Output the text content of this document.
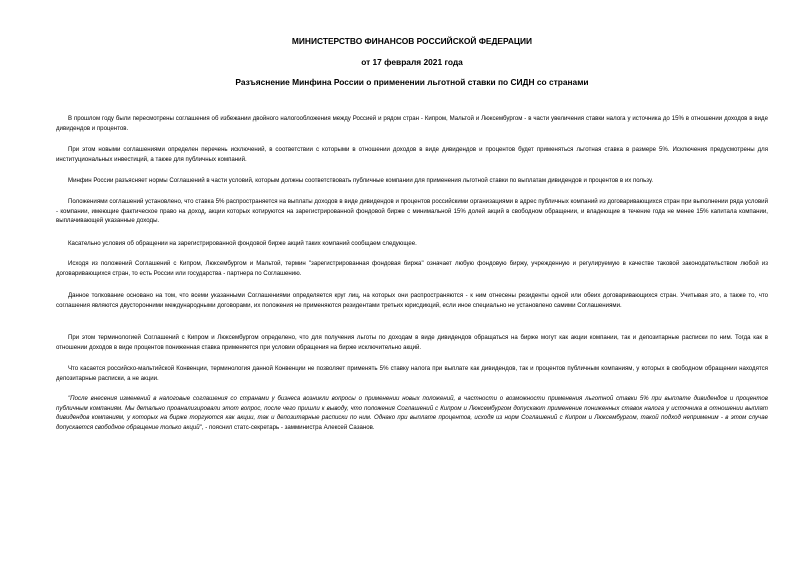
МИНИСТЕРСТВО ФИНАНСОВ РОССИЙСКОЙ ФЕДЕРАЦИИ

от 17 февраля 2021 года

Разъяснение Минфина России о применении льготной ставки по СИДН со странами

В прошлом году были пересмотрены соглашения об избежании двойного налогообложения между Россией и рядом стран - Кипром, Мальтой и Люксембургом - в части увеличения ставки налога у источника до 15% в отношении доходов в виде дивидендов и процентов.

При этом новыми соглашениями определен перечень исключений, в соответствии с которыми в отношении доходов в виде дивидендов и процентов будет применяться льготная ставка в размере 5%. Исключения предусмотрены для институциональных инвестиций, а также для публичных компаний.

Минфин России разъясняет нормы Соглашений в части условий, которым должны соответствовать публичные компании для применения льготной ставки по выплатам дивидендов и процентов в их пользу.

Положениями соглашений установлено, что ставка 5% распространяется на выплаты доходов в виде дивидендов и процентов российскими организациями в адрес публичных компаний из договаривающихся стран при выполнении ряда условий - компании, имеющие фактическое право на доход, акции которых котируются на зарегистрированной фондовой бирже с минимальной 15% долей акций в свободном обращении, и владеющие в течение года не менее 15% капитала компании, выплачивающей указанные доходы.

Касательно условия об обращении на зарегистрированной фондовой бирже акций таких компаний сообщаем следующее.

Исходя из положений Соглашений с Кипром, Люксембургом и Мальтой, термин "зарегистрированная фондовая биржа" означает любую фондовую биржу, учрежденную и регулируемую в качестве таковой законодательством любой из договаривающихся стран, то есть России или государства - партнера по Соглашению.

Данное толкование основано на том, что всеми указанными Соглашениями определяется круг лиц, на которых они распространяются - к ним отнесены резиденты одной или обеих договаривающихся стран. Учитывая это, а также то, что соглашения являются двусторонними международными договорами, их положения не применяются резидентами третьих юрисдикций, если иное специально не установлено самими Соглашениями.

При этом терминологией Соглашений с Кипром и Люксембургом определено, что для получения льготы по доходам в виде дивидендов обращаться на бирже могут как акции компании, так и депозитарные расписки по ним. Тогда как в отношении доходов в виде процентов пониженная ставка применяется при условии обращения на бирже исключительно акций.

Что касается российско-мальтийской Конвенции, терминология данной Конвенции не позволяет применять 5% ставку налога при выплате как дивидендов, так и процентов публичным компаниям, у которых в свободном обращении находятся депозитарные расписки, а не акции.

"После внесения изменений в налоговые соглашения со странами у бизнеса возникли вопросы о применении новых положений, в частности о возможности применения льготной ставки 5% при выплате дивидендов и процентов публичным компаниям. Мы детально проанализировали этот вопрос, после чего пришли к выводу, что положения Соглашений с Кипром и Люксембургом допускают применение пониженных ставок налога у источника в отношении выплат дивидендов компаниям, у которых на бирже торгуются как акции, так и депозитарные расписки по ним. Однако при выплате процентов, исходя из норм Соглашений с Кипром и Люксембургом, такой подход неприменим - в этом случае допускается свободное обращение только акций", - пояснил статс-секретарь - замминистра Алексей Сазанов.
